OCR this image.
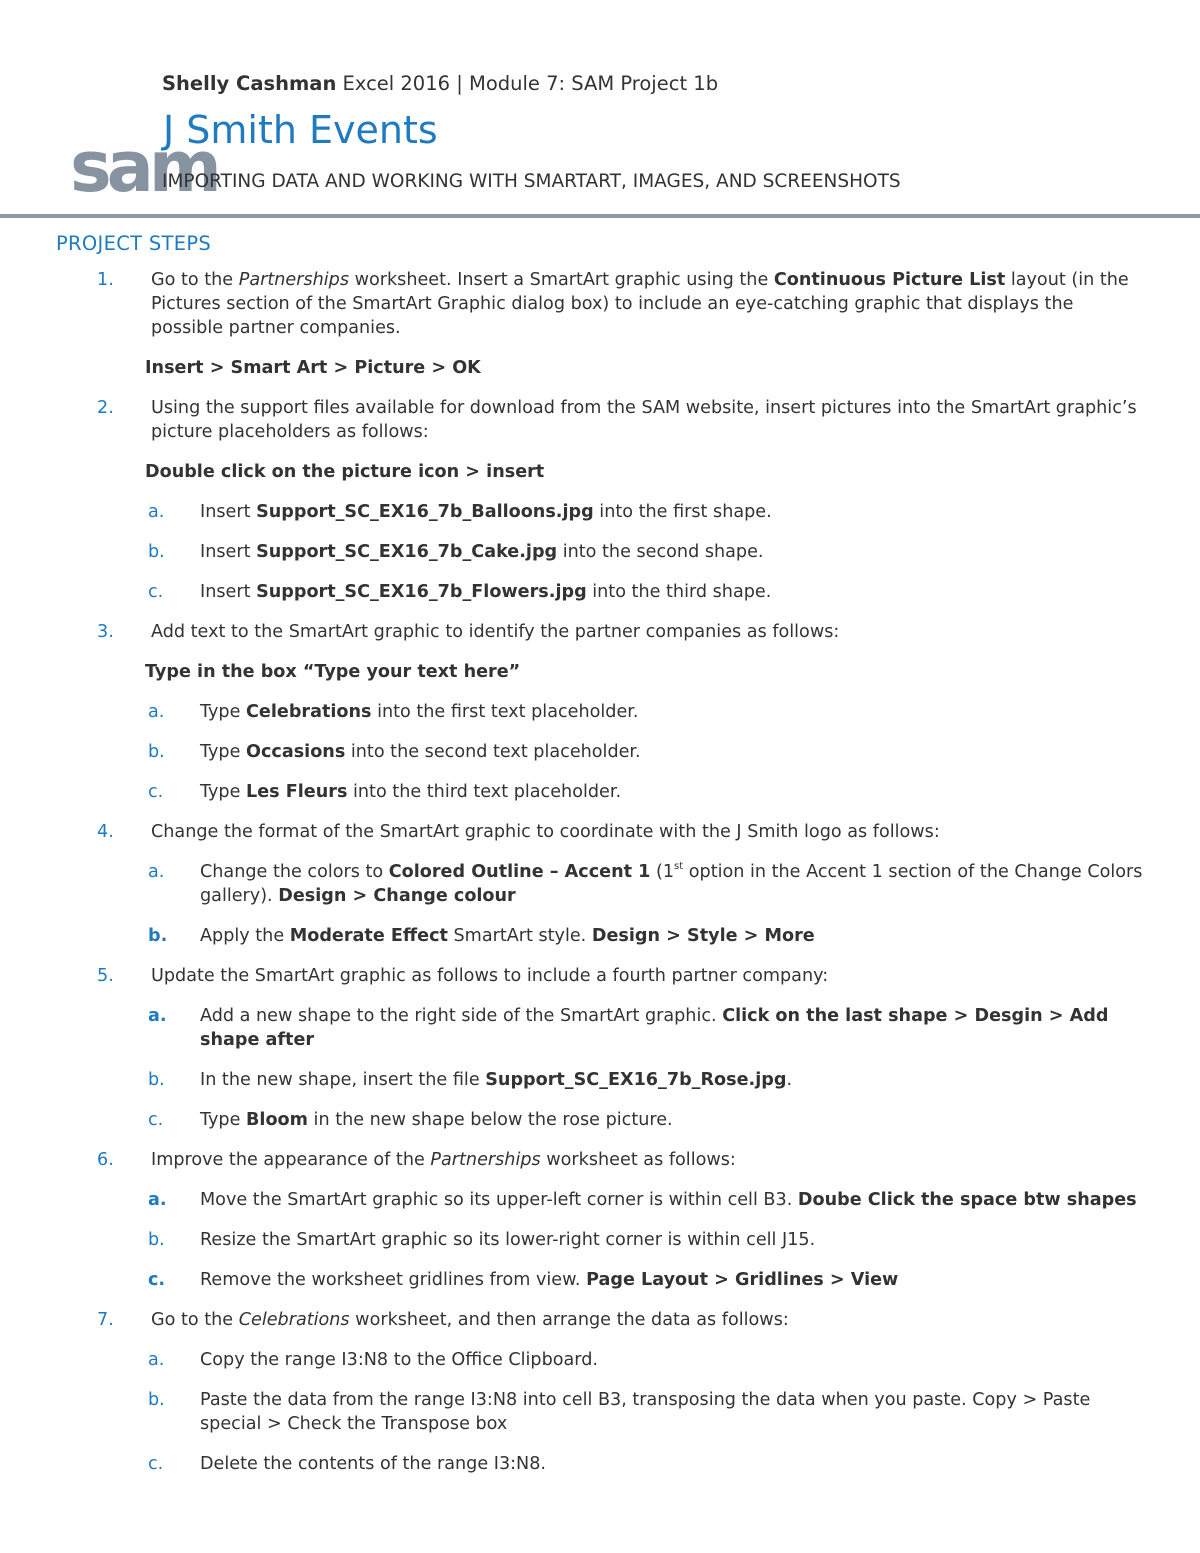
sam
Shelly Cashman Excel 2016 | Module 7: SAM Project 1b
J Smith Events
IMPORTING DATA AND WORKING WITH SMARTART, IMAGES, AND SCREENSHOTS
PROJECT STEPS
1. Go to the Partnerships worksheet. Insert a SmartArt graphic using the Continuous Picture List layout (in the Pictures section of the SmartArt Graphic dialog box) to include an eye-catching graphic that displays the possible partner companies.
Insert > Smart Art > Picture > OK
2. Using the support files available for download from the SAM website, insert pictures into the SmartArt graphic’s picture placeholders as follows:
Double click on the picture icon > insert
a. Insert Support_SC_EX16_7b_Balloons.jpg into the first shape.
b. Insert Support_SC_EX16_7b_Cake.jpg into the second shape.
c. Insert Support_SC_EX16_7b_Flowers.jpg into the third shape.
3. Add text to the SmartArt graphic to identify the partner companies as follows:
Type in the box “Type your text here”
a. Type Celebrations into the first text placeholder.
b. Type Occasions into the second text placeholder.
c. Type Les Fleurs into the third text placeholder.
4. Change the format of the SmartArt graphic to coordinate with the J Smith logo as follows:
a. Change the colors to Colored Outline – Accent 1 (1st option in the Accent 1 section of the Change Colors gallery). Design > Change colour
b. Apply the Moderate Effect SmartArt style. Design > Style > More
5. Update the SmartArt graphic as follows to include a fourth partner company:
a. Add a new shape to the right side of the SmartArt graphic. Click on the last shape > Desgin > Add shape after
b. In the new shape, insert the file Support_SC_EX16_7b_Rose.jpg.
c. Type Bloom in the new shape below the rose picture.
6. Improve the appearance of the Partnerships worksheet as follows:
a. Move the SmartArt graphic so its upper-left corner is within cell B3. Doube Click the space btw shapes
b. Resize the SmartArt graphic so its lower-right corner is within cell J15.
c. Remove the worksheet gridlines from view. Page Layout > Gridlines > View
7. Go to the Celebrations worksheet, and then arrange the data as follows:
a. Copy the range I3:N8 to the Office Clipboard.
b. Paste the data from the range I3:N8 into cell B3, transposing the data when you paste. Copy > Paste special > Check the Transpose box
c. Delete the contents of the range I3:N8.
